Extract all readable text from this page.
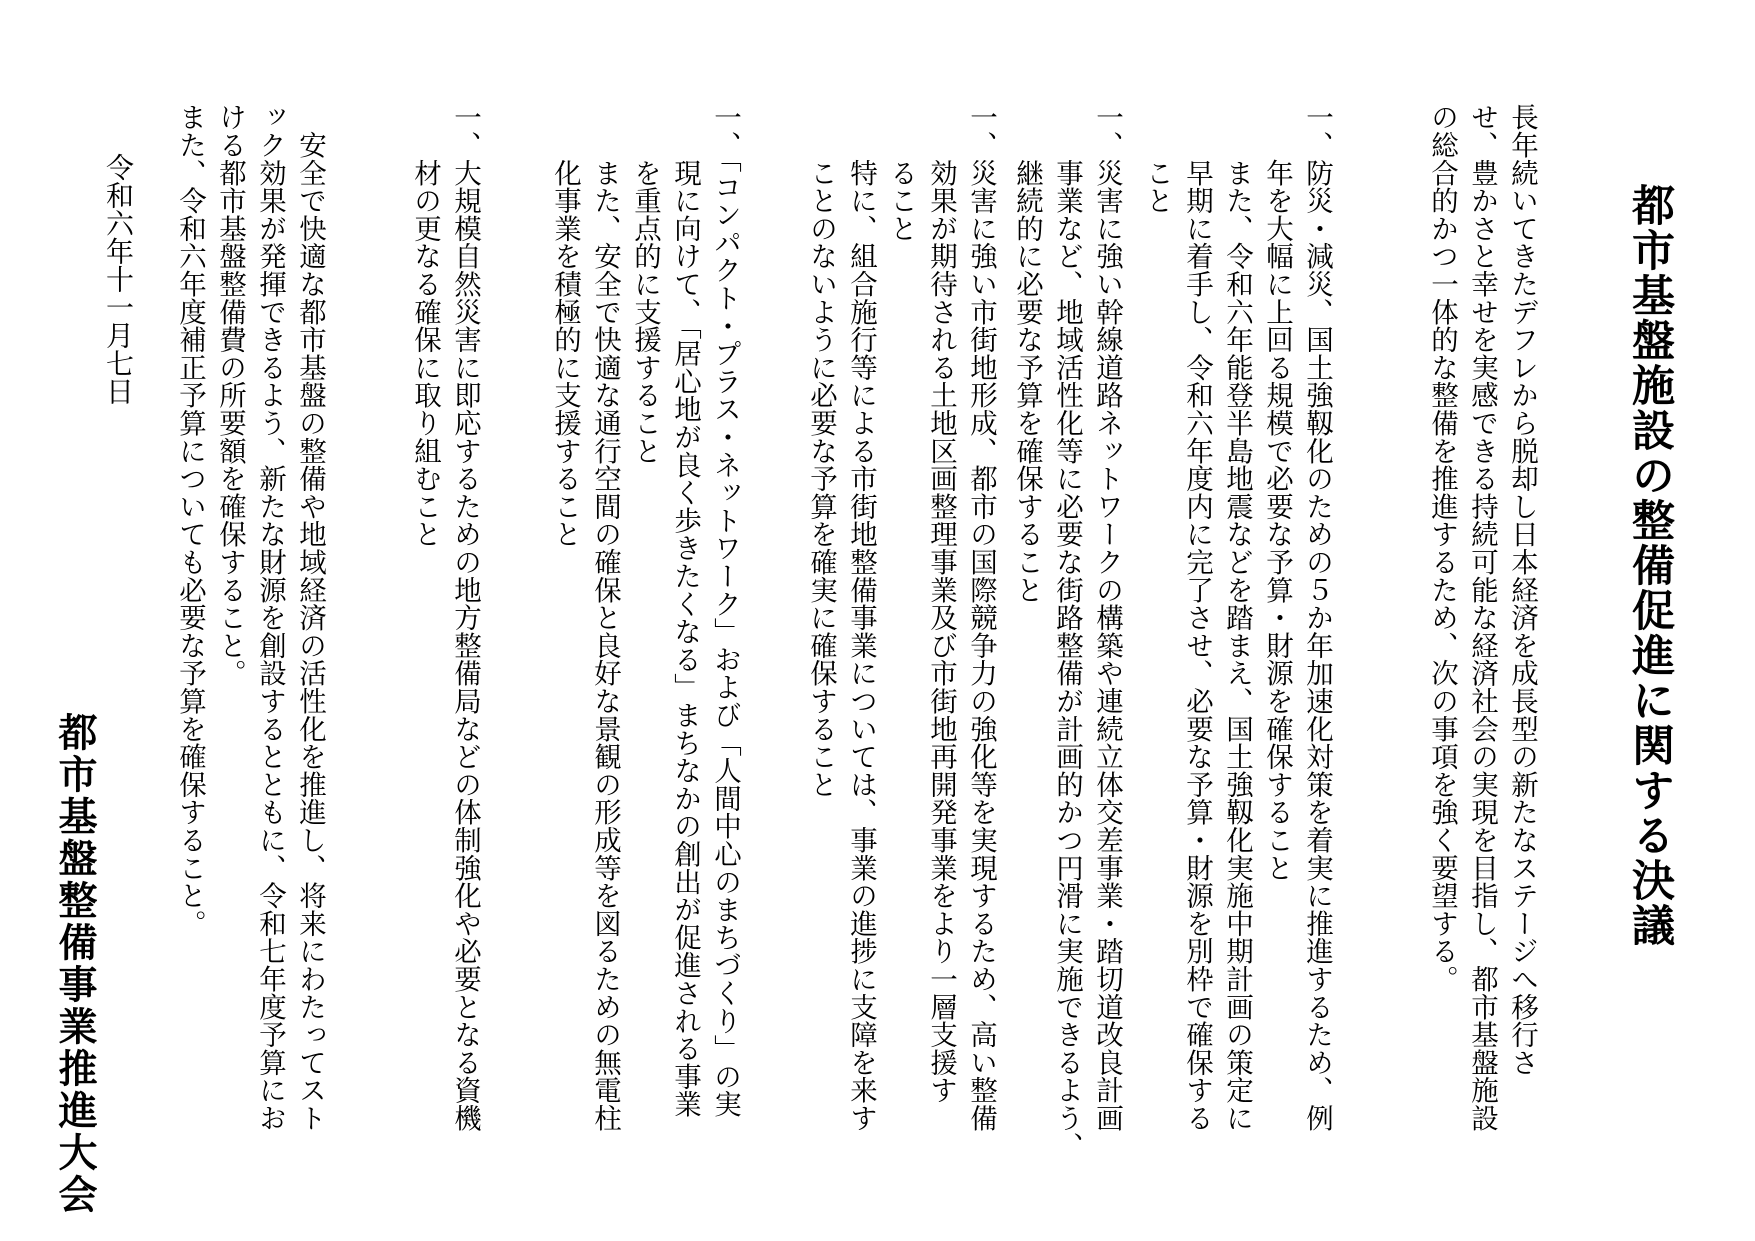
都市基盤施設の整備促進に関する決議
長年続いてきたデフレから脱却し日本経済を成長型の新たなステージへ移行さ
せ、豊かさと幸せを実感できる持続可能な経済社会の実現を目指し、都市基盤施設
の総合的かつ一体的な整備を推進するため、次の事項を強く要望する。
一、防災・減災、国土強靱化のための５か年加速化対策を着実に推進するため、例
　　年を大幅に上回る規模で必要な予算・財源を確保すること
　　また、令和六年能登半島地震などを踏まえ、国土強靱化実施中期計画の策定に
　　早期に着手し、令和六年度内に完了させ、必要な予算・財源を別枠で確保する
　　こと
一、災害に強い幹線道路ネットワークの構築や連続立体交差事業・踏切道改良計画
　　事業など、地域活性化等に必要な街路整備が計画的かつ円滑に実施できるよう、
　　継続的に必要な予算を確保すること
一、災害に強い市街地形成、都市の国際競争力の強化等を実現するため、高い整備
　　効果が期待される土地区画整理事業及び市街地再開発事業をより一層支援す
　　ること
　　特に、組合施行等による市街地整備事業については、事業の進捗に支障を来す
　　ことのないように必要な予算を確実に確保すること
一、「コンパクト・プラス・ネットワーク」および「人間中心のまちづくり」の実
　　現に向けて、「居心地が良く歩きたくなる」まちなかの創出が促進される事業
　　を重点的に支援すること
　　また、安全で快適な通行空間の確保と良好な景観の形成等を図るための無電柱
　　化事業を積極的に支援すること
一、大規模自然災害に即応するための地方整備局などの体制強化や必要となる資機
　　材の更なる確保に取り組むこと
　安全で快適な都市基盤の整備や地域経済の活性化を推進し、将来にわたってスト
ック効果が発揮できるよう、新たな財源を創設するとともに、令和七年度予算にお
ける都市基盤整備費の所要額を確保すること。
また、令和六年度補正予算についても必要な予算を確保すること。
令和六年十一月七日
都市基盤整備事業推進大会
